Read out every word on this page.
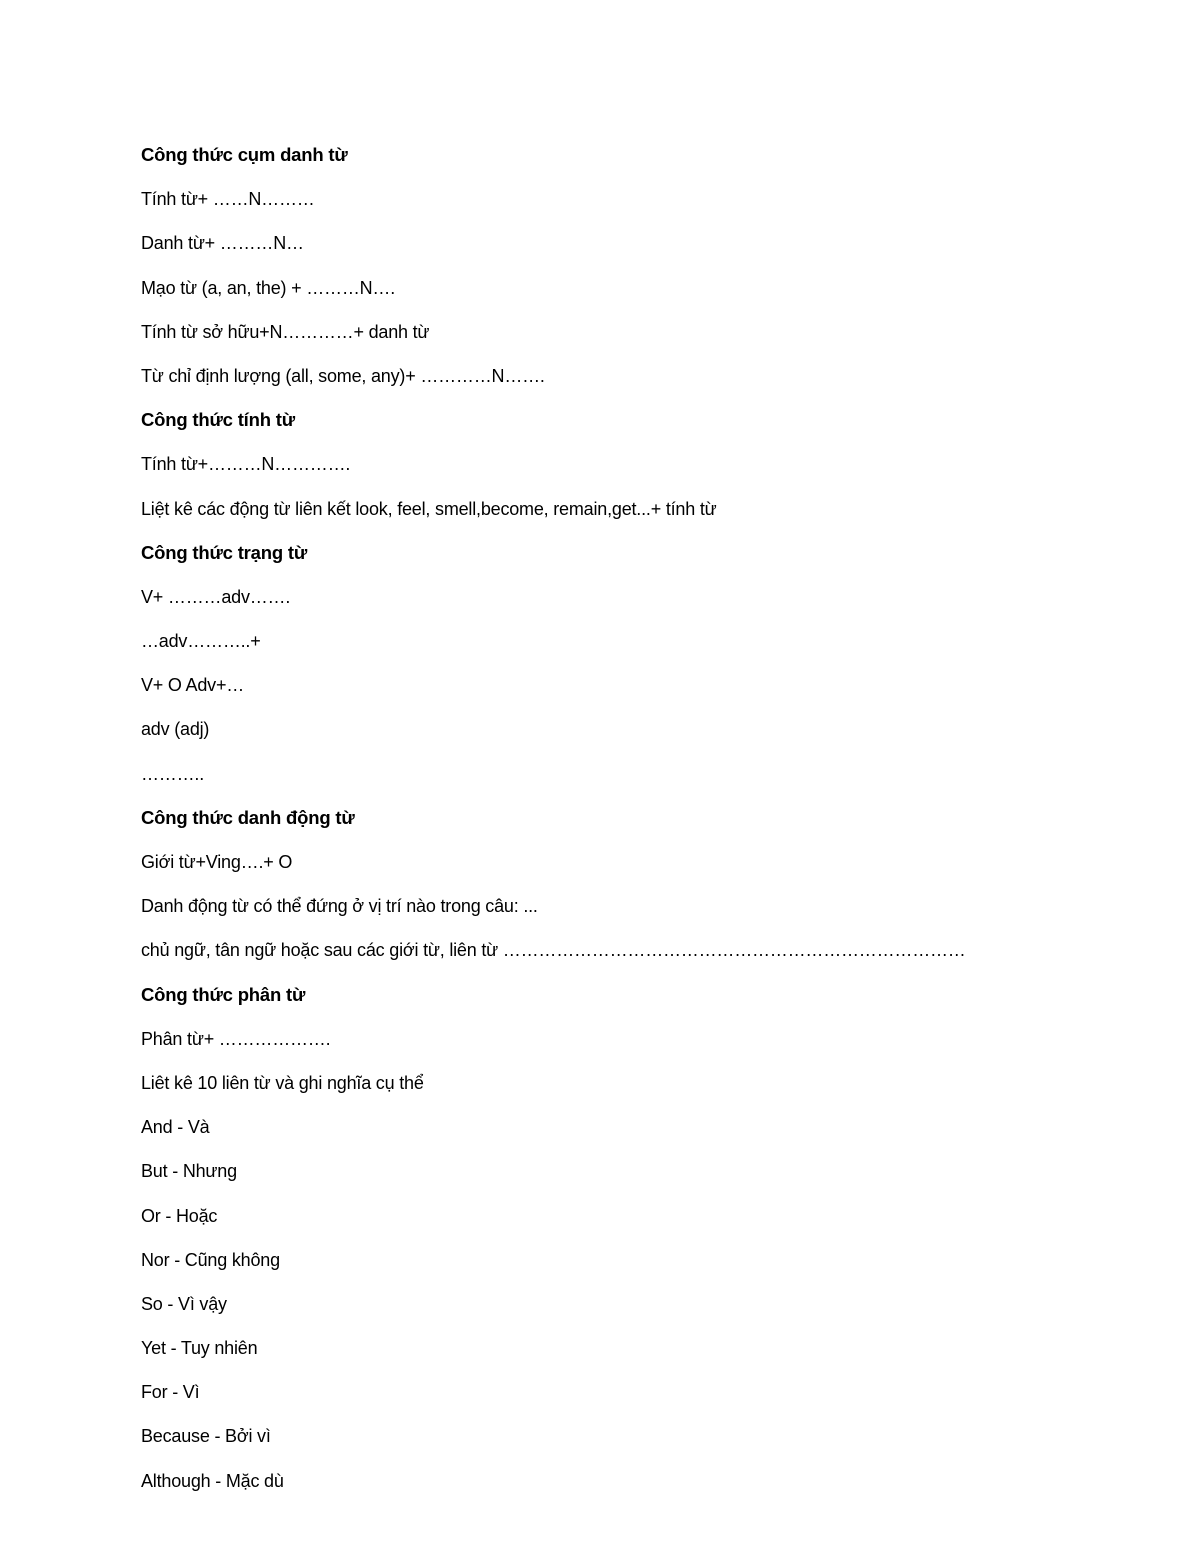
Công thức cụm danh từ
Tính từ+ ……N………
Danh từ+ ………N…
Mạo từ (a, an, the) + ………N….
Tính từ sở hữu+N…………+ danh từ
Từ chỉ định lượng (all, some, any)+ …………N…….
Công thức tính từ
Tính từ+………N………….
Liệt kê các động từ liên kết look, feel, smell,become, remain,get...+ tính từ
Công thức trạng từ
V+ ………adv…….
…adv………..+
V+ O Adv+…
adv (adj)
………..
Công thức danh động từ
Giới từ+Ving….+ O
Danh động từ có thể đứng ở vị trí nào trong câu: ...
chủ ngữ, tân ngữ hoặc sau các giới từ, liên từ ……………………………………………………………………
Công thức phân từ
Phân từ+ ……………….
Liêt kê 10 liên từ và ghi nghĩa cụ thể
And - Và
But - Nhưng
Or - Hoặc
Nor - Cũng không
So - Vì vậy
Yet - Tuy nhiên
For - Vì
Because - Bởi vì
Although - Mặc dù
